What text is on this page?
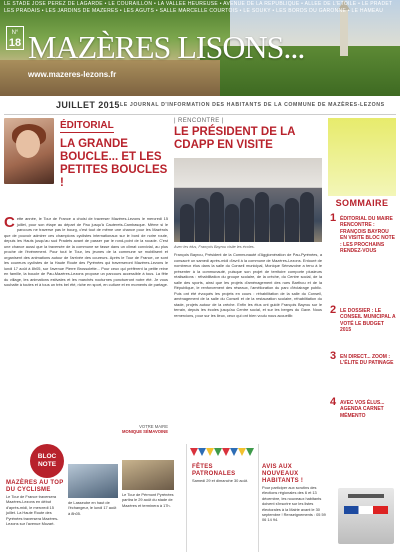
LE STADE JOSÉ PEREZ DE LAGARDE • LE COURAÏLLON • LA VALLÉE HEUREUSE • AVENUE DE LA RÉPUBLIQUE • ALLÉE DE L'ÉTOILE • LE PRADET
LES PRADAIS • LES JARDINS DE MAZÈRES • LES AGUTS • SALLE MARCELLE COURTOIS • LE SOUKY • LES BORDS DU GARONNE • LE HAMEAU
N°
18 MAZÈRES LISONS...
www.mazeres-lezons.fr
JUILLET 2015 LE JOURNAL D'INFORMATION DES HABITANTS DE LA COMMUNE DE MAZÈRES-LEZONS
ÉDITORIAL
LA GRANDE BOUCLE... ET LES PETITES BOUCLES !
C ette année, le Tour de France a choisi de traverser Mazères-Lezons le mercredi 15 juillet, pour son étape au départ de Pau jusqu'à Cauterets-Cambasque. Même si le parcours ne traverse pas le bourg, c'est tout de même une chance pour les Mazérois que de pouvoir admirer ces champions cyclistes internationaux sur le bord de notre route, depuis les Hauts jusqu'au sud Pradets avant de passer par le rond-point de la rocade. C'est une chance aussi que la traversée de la commune se fasse dans un climat convivial, au plus proche de l'événement. Pour tout le Tour, les jeunes de la commune se mobilisent et organisent des animations autour de l'arrivée des coureurs. Après le Tour de France, ce sont les coureurs cyclistes de la Haute Route des Pyrénées qui traverseront Mazères-Lezons le lundi 17 août à 8h05, sur l'avenue Pierre Brossolette... Pour ceux qui préfèrent la petite reine en famille, la boucle de Pau-Mazères-Lezons propose un parcours accessible à tous. La fête du village, les animations estivales et les marchés nocturnes ponctueront notre été. Je vous souhaite à toutes et à tous un très bel été, riche en sport, en culture et en moments de partage.
VOTRE MAIRE
MONIQUE SÉMAVOINE
| RENCONTRE |
LE PRÉSIDENT DE LA CDAPP EN VISITE
Avec les élus, François Bayrou visite les écoles.
François Bayrou, Président de la Communauté d'Agglomération de Pau-Pyrénées, a consacré un samedi après-midi d'avril à la commune de Mazères-Lezons. Entouré de nombreux élus dans la salle du Conseil municipal, Monique Sémavoine a tenu à le présenter à la communauté, puisque son projet de territoire comporte plusieurs réalisations : réhabilitation du groupe scolaire, de la crèche, du Centre social, de la salle des sports, ainsi que les projets d'aménagement des rues Barthou et de la République, le renforcement des réseaux, l'amélioration du parc d'éclairage public. Puis ont été évoqués les projets en cours : réhabilitation de la salle du Conseil, aménagement de la salle du Conseil et de la restauration scolaire, réhabilitation du stade, projets autour de la crèche. Enfin les élus ont guidé François Bayrou sur le terrain, depuis les écoles jusqu'au Centre social, et sur les berges du Gave. Nous remercions, pour sur les lieux, ceux qui ont bien voulu nous accueillir.
SOMMAIRE
1 ÉDITORIAL DU MAIRE RENCONTRE : FRANÇOIS BAYROU EN VISITE BLOC NOTE : LES PROCHAINS RENDEZ-VOUS
2 LE DOSSIER : LE CONSEIL MUNICIPAL A VOTÉ LE BUDGET 2015
3 EN DIRECT... ZOOM : L'ÉLITE DU PATINAGE
4 AVEC VOS ÉLUS... AGENDA CARNET MÉMENTO
BLOC NOTE
MAZÈRES AU TOP DU CYCLISME
Le Tour de France traversera Mazères-Lezons en début d'après-midi, le mercredi 15 juillet. La Haute Route des Pyrénées traversera Mazères-Lezons sur l'avenue Mozart.
de Lasseube en haut de l'échangeur, le lundi 17 août à 8h05.
Le Tour de Pérmont Pyrénées partira le 29 août du stade de Mazères et terminera à 17h.
FÊTES PATRONALES
Samedi 29 et dimanche 30 août.
AVIS AUX NOUVEAUX HABITANTS !
Pour participer aux scrutins des élections régionales des 6 et 13 décembre, les nouveaux habitants doivent s'inscrire sur les listes électorales à la Mairie avant le 30 septembre ! Renseignements : 05 59 06 14 94.
